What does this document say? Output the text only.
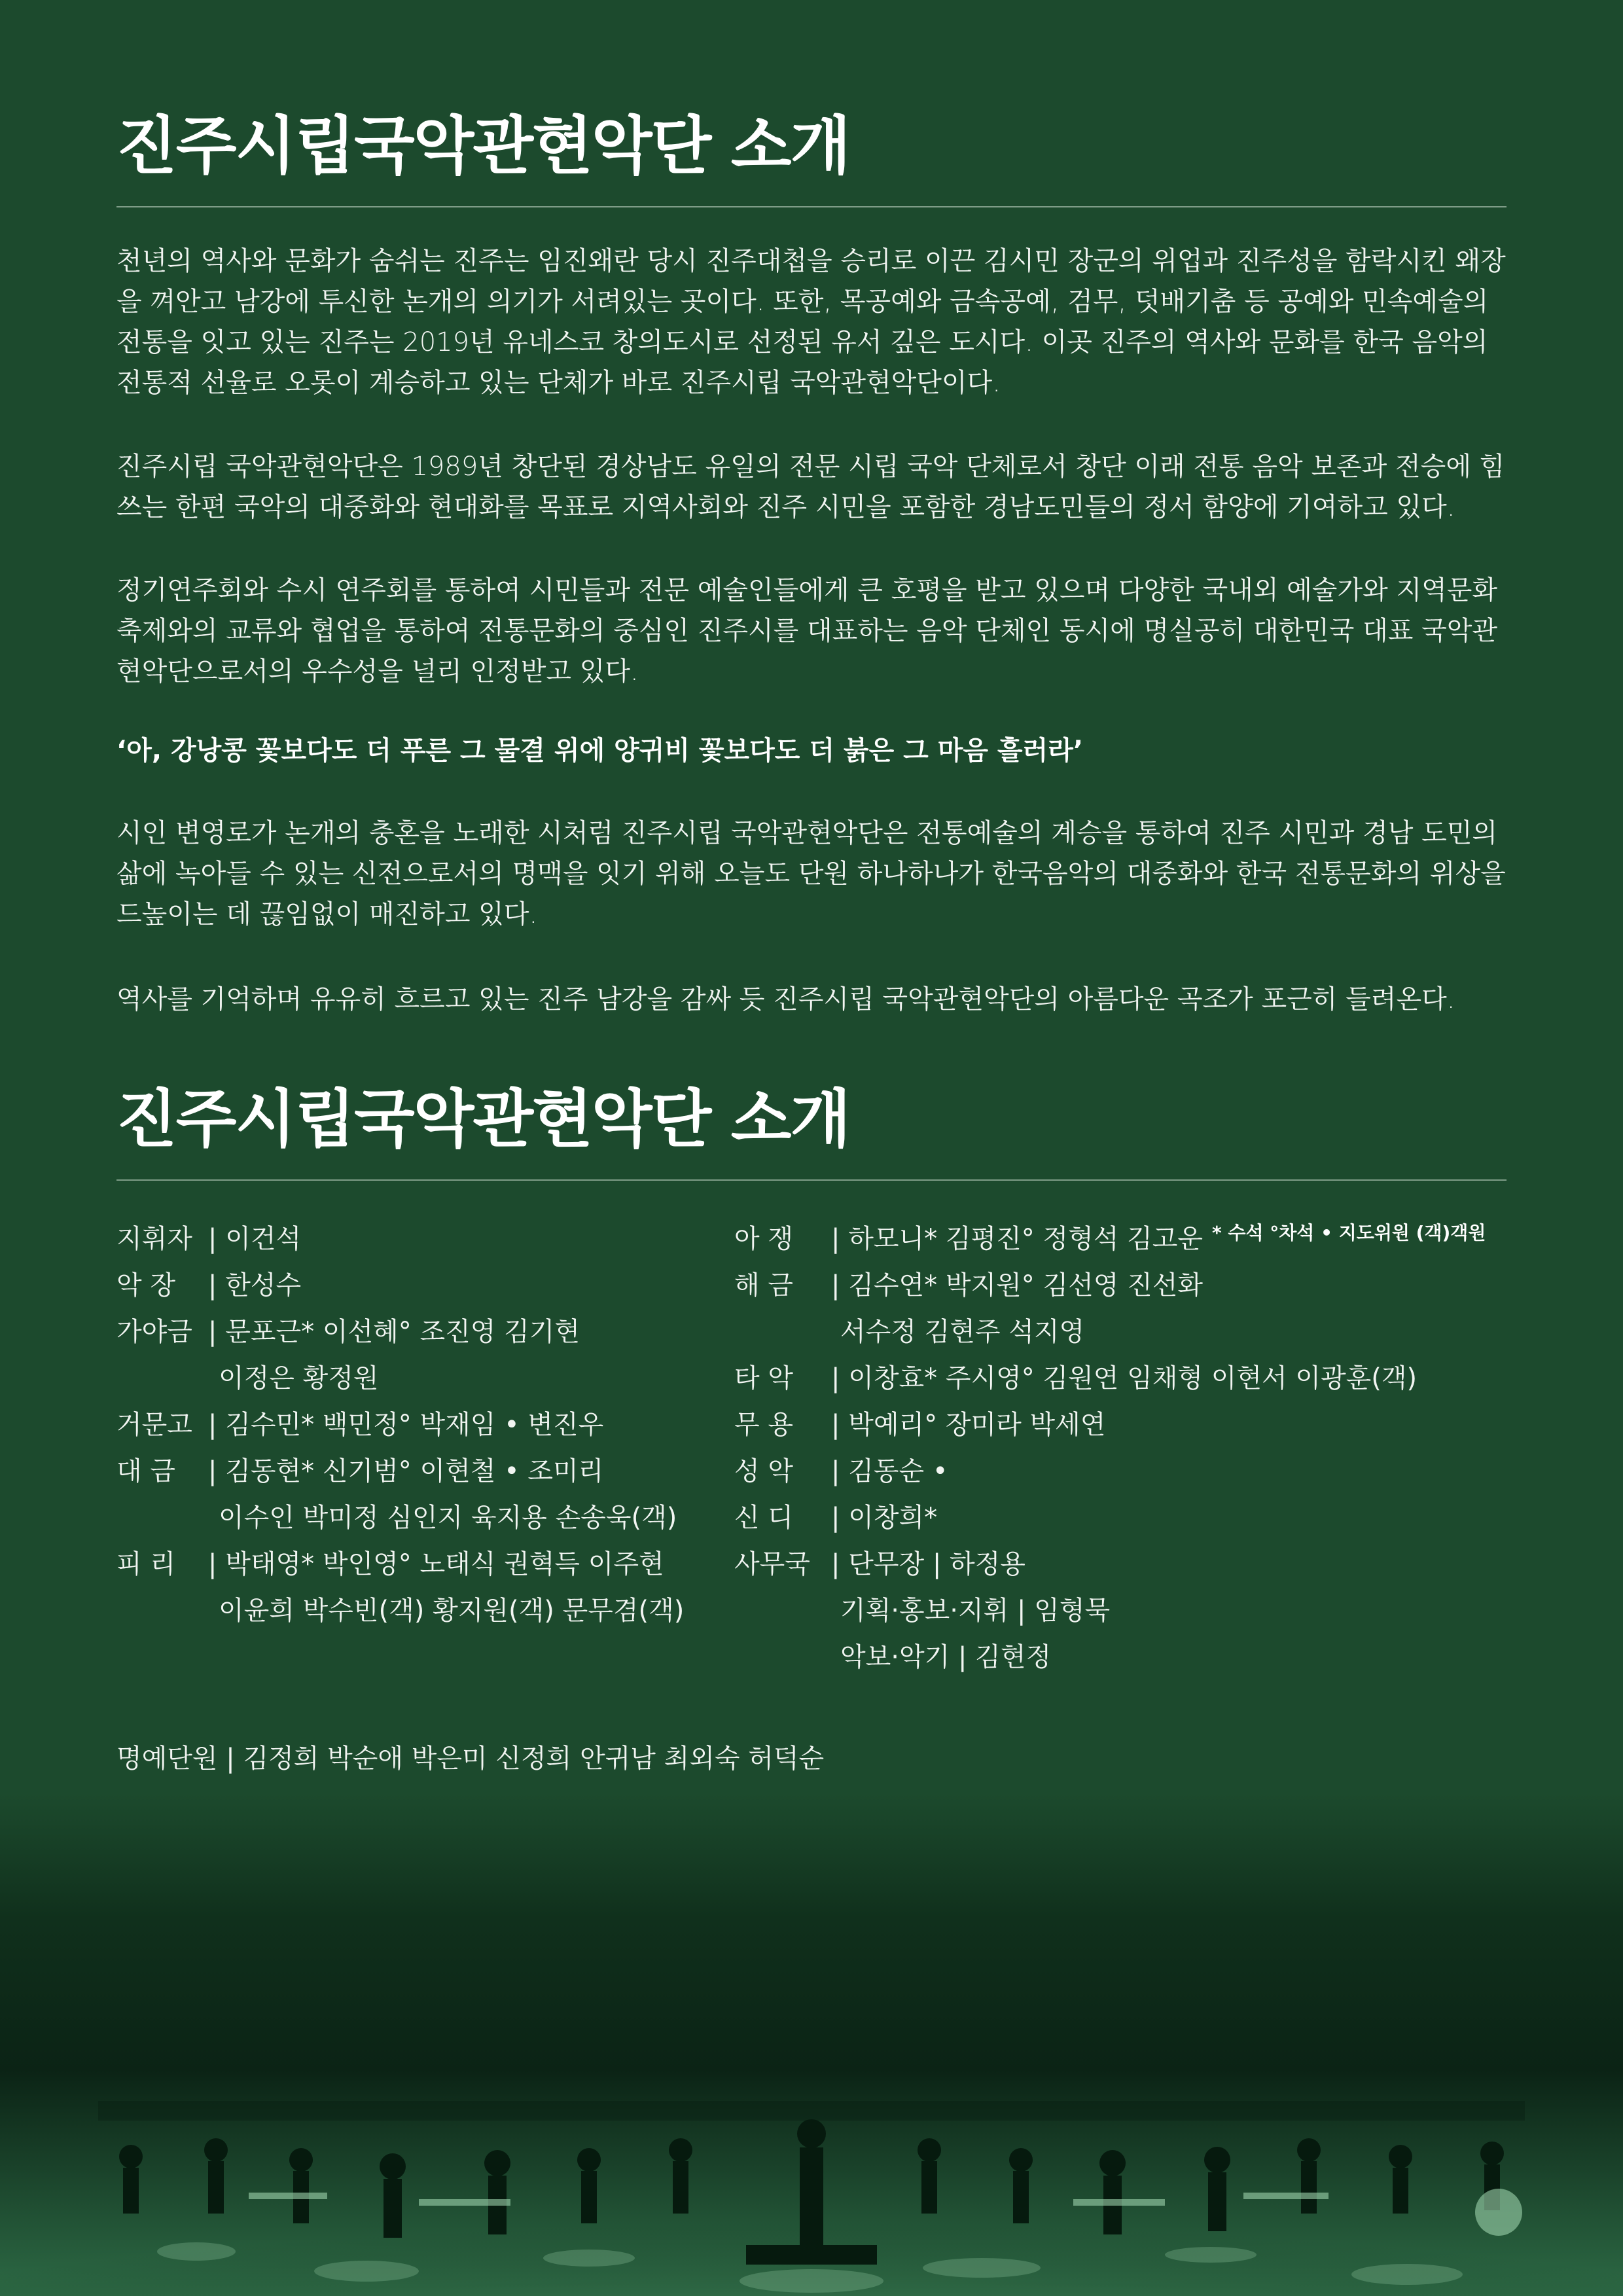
진주시립국악관현악단 소개

천년의 역사와 문화가 숨쉬는 진주는 임진왜란 당시 진주대첩을 승리로 이끈 김시민 장군의 위업과 진주성을 함락시킨 왜장을 껴안고 남강에 투신한 논개의 의기가 서려있는 곳이다. 또한, 목공예와 금속공예, 검무, 덧배기춤 등 공예와 민속예술의 전통을 잇고 있는 진주는 2019년 유네스코 창의도시로 선정된 유서 깊은 도시다. 이곳 진주의 역사와 문화를 한국 음악의 전통적 선율로 오롯이 계승하고 있는 단체가 바로 진주시립 국악관현악단이다.

진주시립 국악관현악단은 1989년 창단된 경상남도 유일의 전문 시립 국악 단체로서 창단 이래 전통 음악 보존과 전승에 힘쓰는 한편 국악의 대중화와 현대화를 목표로 지역사회와 진주 시민을 포함한 경남도민들의 정서 함양에 기여하고 있다.

정기연주회와 수시 연주회를 통하여 시민들과 전문 예술인들에게 큰 호평을 받고 있으며 다양한 국내외 예술가와 지역문화축제와의 교류와 협업을 통하여 전통문화의 중심인 진주시를 대표하는 음악 단체인 동시에 명실공히 대한민국 대표 국악관현악단으로서의 우수성을 널리 인정받고 있다.

‘아, 강낭콩 꽃보다도 더 푸른 그 물결 위에 양귀비 꽃보다도 더 붉은 그 마음 흘러라’

시인 변영로가 논개의 충혼을 노래한 시처럼 진주시립 국악관현악단은 전통예술의 계승을 통하여 진주 시민과 경남 도민의 삶에 녹아들 수 있는 신전으로서의 명맥을 잇기 위해 오늘도 단원 하나하나가 한국음악의 대중화와 한국 전통문화의 위상을 드높이는 데 끊임없이 매진하고 있다.

역사를 기억하며 유유히 흐르고 있는 진주 남강을 감싸 듯 진주시립 국악관현악단의 아름다운 곡조가 포근히 들려온다.

진주시립국악관현악단 소개
* 수석 °차석 • 지도위원 (객)객원
지휘자 | 이건석
악 장 | 한성수
가야금 | 문포근* 이선혜° 조진영 김기현
이정은 황정원
거문고 | 김수민* 백민정° 박재임 • 변진우
대 금 | 김동현* 신기범° 이현철 • 조미리
이수인 박미정 심인지 육지용 손송욱(객)
피 리 | 박태영* 박인영° 노태식 권혁득 이주현
이윤희 박수빈(객) 황지원(객) 문무겸(객)
아 쟁 | 하모니* 김평진° 정형석 김고운
해 금 | 김수연* 박지원° 김선영 진선화
서수정 김현주 석지영
타 악 | 이창효* 주시영° 김원연 임채형 이현서 이광훈(객)
무 용 | 박예리° 장미라 박세연
성 악 | 김동순 •
신 디 | 이창희*
사무국 | 단무장 | 하정용
기획·홍보·지휘 | 임형묵
악보·악기 | 김현정
명예단원 | 김정희 박순애 박은미 신정희 안귀남 최외숙 허덕순
